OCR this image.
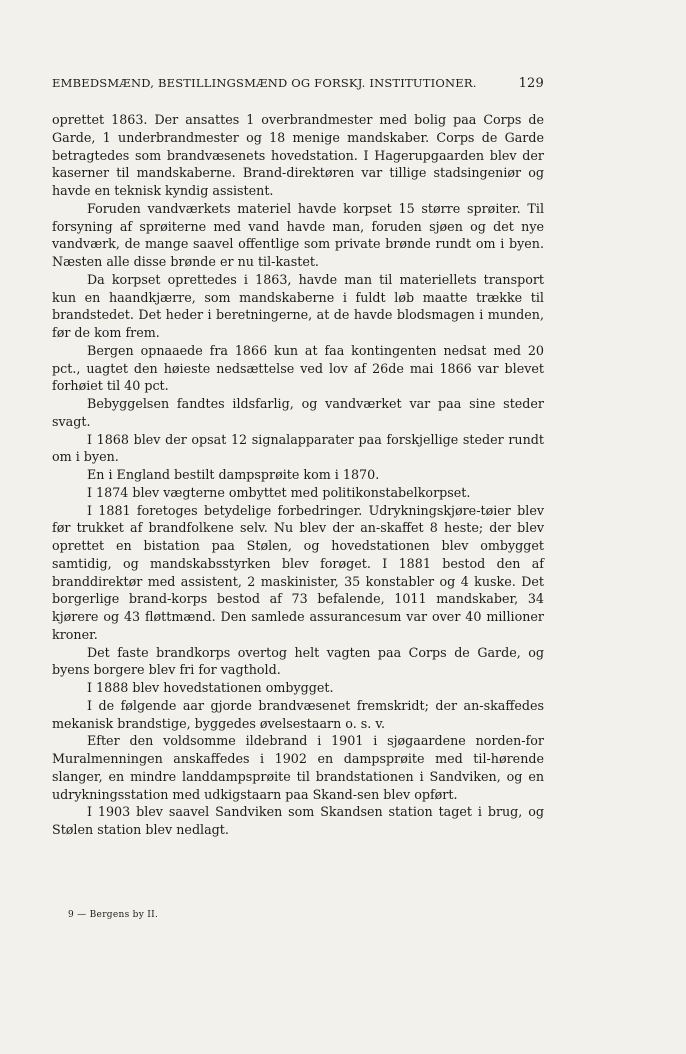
EMBEDSMÆND, BESTILLINGSMÆND OG FORSKJ. INSTITUTIONER.	129

oprettet 1863. Der ansattes 1 overbrandmester med bolig paa Corps de Garde, 1 underbrandmester og 18 menige mandskaber. Corps de Garde betragtedes som brandvæsenets hovedstation. I Hagerupgaarden blev der kaserner til mandskaberne. Brand-direktøren var tillige stadsingeniør og havde en teknisk kyndig assistent.

Foruden vandværkets materiel havde korpset 15 større sprøiter. Til forsyning af sprøiterne med vand havde man, foruden sjøen og det nye vandværk, de mange saavel offentlige som private brønde rundt om i byen. Næsten alle disse brønde er nu til-kastet.

Da korpset oprettedes i 1863, havde man til materiellets transport kun en haandkjærre, som mandskaberne i fuldt løb maatte trække til brandstedet. Det heder i beretningerne, at de havde blodsmagen i munden, før de kom frem.

Bergen opnaaede fra 1866 kun at faa kontingenten nedsat med 20 pct., uagtet den høieste nedsættelse ved lov af 26de mai 1866 var blevet forhøiet til 40 pct.

Bebyggelsen fandtes ildsfarlig, og vandværket var paa sine steder svagt.

I 1868 blev der opsat 12 signalapparater paa forskjellige steder rundt om i byen.

En i England bestilt dampsprøite kom i 1870.

I 1874 blev vægterne ombyttet med politikonstabelkorpset.

I 1881 foretoges betydelige forbedringer. Udrykningskjøre-tøier blev før trukket af brandfolkene selv. Nu blev der an-skaffet 8 heste; der blev oprettet en bistation paa Stølen, og hovedstationen blev ombygget samtidig, og mandskabsstyrken blev forøget. I 1881 bestod den af branddirektør med assistent, 2 maskinister, 35 konstabler og 4 kuske. Det borgerlige brand-korps bestod af 73 befalende, 1011 mandskaber, 34 kjørere og 43 fløttmænd. Den samlede assurancesum var over 40 millioner kroner.

Det faste brandkorps overtog helt vagten paa Corps de Garde, og byens borgere blev fri for vagthold.

I 1888 blev hovedstationen ombygget.

I de følgende aar gjorde brandvæsenet fremskridt; der an-skaffedes mekanisk brandstige, byggedes øvelsestaarn o. s. v.

Efter den voldsomme ildebrand i 1901 i sjøgaardene norden-for Muralmenningen anskaffedes i 1902 en dampsprøite med til-hørende slanger, en mindre landdampsprøite til brandstationen i Sandviken, og en udrykningsstation med udkigstaarn paa Skand-sen blev opført.

I 1903 blev saavel Sandviken som Skandsen station taget i brug, og Stølen station blev nedlagt.

9 — Bergens by II.
